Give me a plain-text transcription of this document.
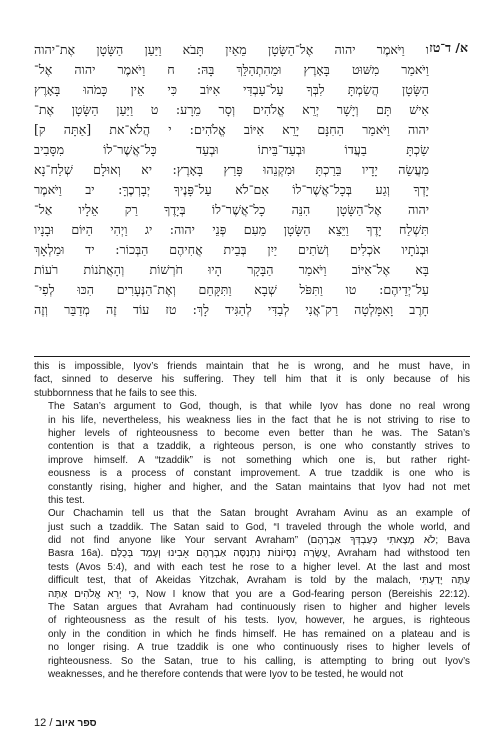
א/ ד־טז
ו וַיֹּאמֶר יהוה אֶל־הַשָּׂטָן מֵאַיִן תָּבֹא וַיַּעַן הַשָּׂטָן אֶת־יהוה
וַיֹּאמַר מִשּׁוּט בָּאָרֶץ וּמֵהִתְהַלֵּךְ בָּהּ: ח וַיֹּאמֶר יהוה אֶל־
הַשָּׂטָן הֲשַׂמְתָּ לִבְּךָ עַל־עַבְדִּי אִיּוֹב כִּי אֵין כָּמֹהוּ בָּאָרֶץ
אִישׁ תָּם וְיָשָׁר יְרֵא אֱלֹהִים וְסָר מֵרָע: ט וַיַּעַן הַשָּׂטָן אֶת־
יהוה וַיֹּאמַר הַחִנָּם יָרֵא אִיּוֹב אֱלֹהִים: י הֲלֹא־את [אַתָּה ק]
שַׂכְתָּ בַעֲדוֹ וּבְעַד־בֵּיתוֹ וּבְעַד כָּל־אֲשֶׁר־לוֹ מִסָּבִיב
מַעֲשֵׂה יָדָיו בֵּרַכְתָּ וּמִקְנֵהוּ פָּרַץ בָּאָרֶץ: יא וְאוּלָם שְׁלַח־נָא
יָדְךָ וְגַע בְּכָל־אֲשֶׁר־לוֹ אִם־לֹא עַל־פָּנֶיךָ יְבָרְכֶךָּ: יב וַיֹּאמֶר
יהוה אֶל־הַשָּׂטָן הִנֵּה כָל־אֲשֶׁר־לוֹ בְּיָדֶךָ רַק אֵלָיו אַל־
תִּשְׁלַח יָדֶךָ וַיֵּצֵא הַשָּׂטָן מֵעִם פְּנֵי יהוה: יג וַיְהִי הַיּוֹם וּבָנָיו
וּבְנֹתָיו אֹכְלִים וְשֹׁתִים יַיִן בְּבֵית אֲחִיהֶם הַבְּכוֹר: יד וּמַלְאָךְ
בָּא אֶל־אִיּוֹב וַיֹּאמַר הַבָּקָר הָיוּ חֹרְשׁוֹת וְהָאֲתֹנוֹת רֹעוֹת
עַל־יְדֵיהֶם: טו וַתִּפֹּל שְׁבָא וַתִּקָּחֵם וְאֶת־הַנְּעָרִים הִכּוּ לְפִי־
חָרֶב וָאִמָּלְטָה רַק־אֲנִי לְבַדִּי לְהַגִּיד לָךְ: טז עוֹד זֶה מְדַבֵּר וְזֶה
this is impossible, Iyov’s friends maintain that he is wrong, and he must have, in
fact, sinned to deserve his suffering. They tell him that it is only because of his
stubbornness that he fails to see this.
The Satan’s argument to God, though, is that while Iyov has done no real wrong
in his life, nevertheless, his weakness lies in the fact that he is not striving to rise to
higher levels of righteousness to become even better than he was. The Satan’s
contention is that a tzaddik, a righteous person, is one who constantly strives to
improve himself. A “tzaddik” is not something which one is, but rather right-
eousness is a process of constant improvement. A true tzaddik is one who is
constantly rising, higher and higher, and the Satan maintains that Iyov had not met
this test.
Our Chachamin tell us that the Satan brought Avraham Avinu as an example of
just such a tzaddik. The Satan said to God, “I traveled through the whole world, and
did not find anyone like Your servant Avraham” (לֹא מָצָאתִי כְּעַבְדְּךָ אַבְרָהָם; Bava
Basra 16a). עֲשָׂרָה נִסְיוֹנוֹת נִתְנַסָּה אַבְרָהָם אָבִינוּ וְעָמַד בְּכֻלָּם, Avraham had withstood ten
tests (Avos 5:4), and with each test he rose to a higher level. At the last and most
difficult test, that of Akeidas Yitzchak, Avraham is told by the malach, עַתָּה יָדַעְתִּי
כִּי יְרֵא אֱלֹהִים אַתָּה, Now I know that you are a God-fearing person (Bereishis 22:12).
The Satan argues that Avraham had continuously risen to higher and higher levels
of righteousness as the result of his tests. Iyov, however, he argues, is righteous
only in the condition in which he finds himself. He has remained on a plateau and is
no longer rising. A true tzaddik is one who continuously rises to higher levels of
righteousness. So the Satan, true to his calling, is attempting to bring out Iyov’s
weaknesses, and he therefore contends that were Iyov to be tested, he would not
12 / ספר איוב
